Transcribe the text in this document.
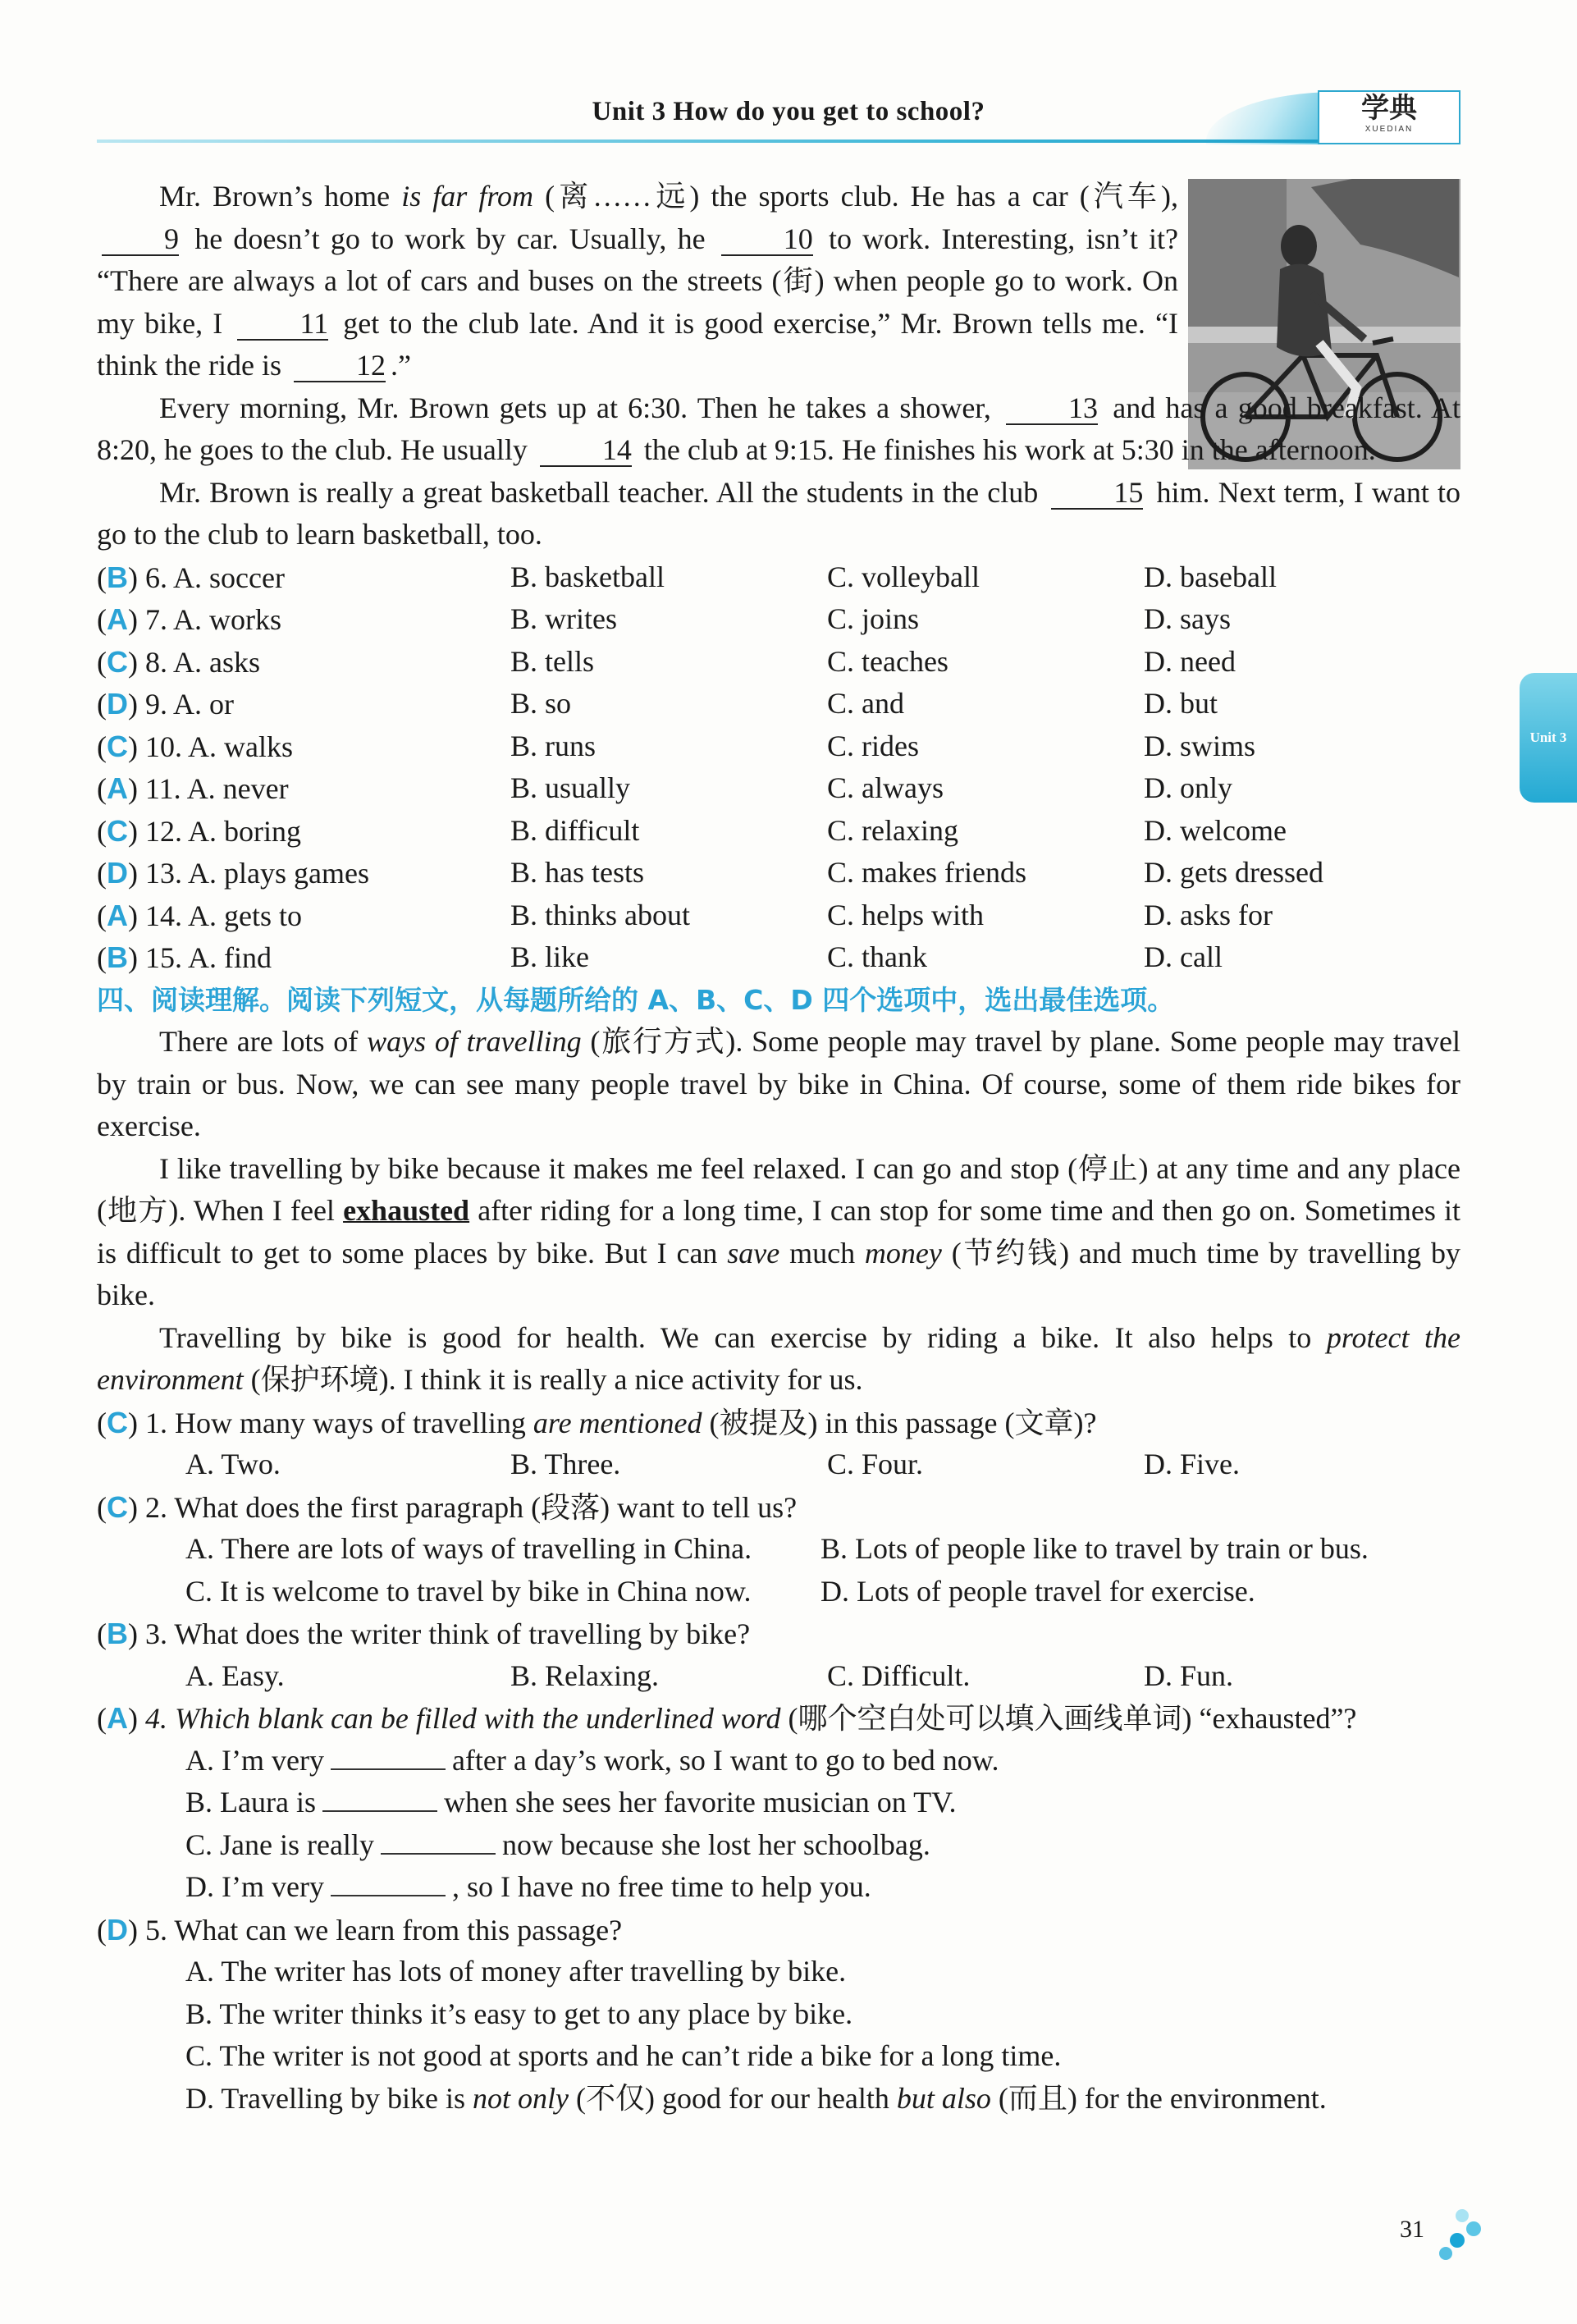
Unit 3 How do you get to school?	学典
XUEDIAN
Unit 3

Mr. Brown’s home is far from (离……远) the sports club. He has a car (汽车), 9 he doesn’t go to work by car. Usually, he 10 to work. Interesting, isn’t it? “There are always a lot of cars and buses on the streets (街) when people go to work. On my bike, I 11 get to the club late. And it is good exercise,” Mr. Brown tells me. “I think the ride is 12 .”

Every morning, Mr. Brown gets up at 6:30. Then he takes a shower, 13 and has a good breakfast. At 8:20, he goes to the club. He usually 14 the club at 9:15. He finishes his work at 5:30 in the afternoon.

Mr. Brown is really a great basketball teacher. All the students in the club 15 him. Next term, I want to go to the club to learn basketball, too.

(B) 6. A. soccer	B. basketball	C. volleyball	D. baseball
(A) 7. A. works	B. writes	C. joins	D. says
(C) 8. A. asks	B. tells	C. teaches	D. need
(D) 9. A. or	B. so	C. and	D. but
(C) 10. A. walks	B. runs	C. rides	D. swims
(A) 11. A. never	B. usually	C. always	D. only
(C) 12. A. boring	B. difficult	C. relaxing	D. welcome
(D) 13. A. plays games	B. has tests	C. makes friends	D. gets dressed
(A) 14. A. gets to	B. thinks about	C. helps with	D. asks for
(B) 15. A. find	B. like	C. thank	D. call
四、阅读理解。阅读下列短文，从每题所给的 A、B、C、D 四个选项中，选出最佳选项。

There are lots of ways of travelling (旅行方式). Some people may travel by plane. Some people may travel by train or bus. Now, we can see many people travel by bike in China. Of course, some of them ride bikes for exercise.

I like travelling by bike because it makes me feel relaxed. I can go and stop (停止) at any time and any place (地方). When I feel exhausted after riding for a long time, I can stop for some time and then go on. Sometimes it is difficult to get to some places by bike. But I can save much money (节约钱) and much time by travelling by bike.

Travelling by bike is good for health. We can exercise by riding a bike. It also helps to protect the environment (保护环境). I think it is really a nice activity for us.

(C) 1. How many ways of travelling are mentioned (被提及) in this passage (文章)?
A. Two.	B. Three.	C. Four.	D. Five.
(C) 2. What does the first paragraph (段落) want to tell us?
A. There are lots of ways of travelling in China.	B. Lots of people like to travel by train or bus.
C. It is welcome to travel by bike in China now.	D. Lots of people travel for exercise.
(B) 3. What does the writer think of travelling by bike?
A. Easy.	B. Relaxing.	C. Difficult.	D. Fun.
(A) 4. Which blank can be filled with the underlined word (哪个空白处可以填入画线单词) “exhausted”?
A. I’m very	after a day’s work, so I want to go to bed now.
B. Laura is	when she sees her favorite musician on TV.
C. Jane is really	now because she lost her schoolbag.
D. I’m very	, so I have no free time to help you.
(D) 5. What can we learn from this passage?
A. The writer has lots of money after travelling by bike.
B. The writer thinks it’s easy to get to any place by bike.
C. The writer is not good at sports and he can’t ride a bike for a long time.
D. Travelling by bike is not only (不仅) good for our health but also (而且) for the environment.
31
